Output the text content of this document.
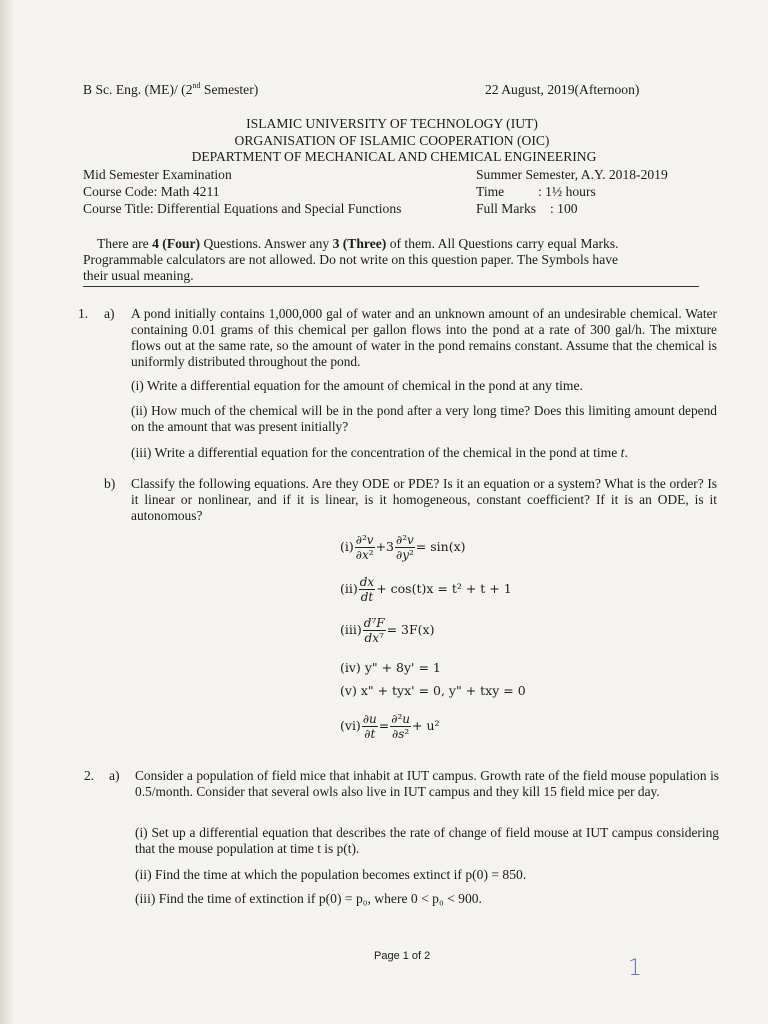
B Sc. Eng. (ME)/ (2nd Semester)	22 August, 2019(Afternoon)
ISLAMIC UNIVERSITY OF TECHNOLOGY (IUT)
ORGANISATION OF ISLAMIC COOPERATION (OIC)
DEPARTMENT OF MECHANICAL AND CHEMICAL ENGINEERING
Mid Semester Examination
Course Code: Math 4211
Course Title: Differential Equations and Special Functions
Summer Semester, A.Y. 2018-2019
Time : 1½ hours
Full Marks : 100
There are 4 (Four) Questions. Answer any 3 (Three) of them. All Questions carry equal Marks.
Programmable calculators are not allowed. Do not write on this question paper. The Symbols have
their usual meaning.
1. a) A pond initially contains 1,000,000 gal of water and an unknown amount of an undesirable chemical. Water containing 0.01 grams of this chemical per gallon flows into the pond at a rate of 300 gal/h. The mixture flows out at the same rate, so the amount of water in the pond remains constant. Assume that the chemical is uniformly distributed throughout the pond.
(i) Write a differential equation for the amount of chemical in the pond at any time.
(ii) How much of the chemical will be in the pond after a very long time? Does this limiting amount depend on the amount that was present initially?
(iii) Write a differential equation for the concentration of the chemical in the pond at time t.
b) Classify the following equations. Are they ODE or PDE? Is it an equation or a system? What is the order? Is it linear or nonlinear, and if it is linear, is it homogeneous, constant coefficient? If it is an ODE, is it autonomous?
$(i) \frac{\text{∂²v}}{\text{∂x²}} +3 \frac{\text{∂²v}}{\text{∂y²}} = \sin(x)$
$(ii) \frac{dx}{dt} + \cos(t)x = t^2 + t + 1$
$(iii) \frac{\text{d⁷F}}{\text{dx⁷}} = 3F(x)$
(iv) y" + 8y' = 1
(v) x" + tyx' = 0, y" + txy = 0
$(vi) \frac{\partial u}{\partial t} = \frac{\text{∂²u}}{\text{∂s²}} + u^2$
2. a) Consider a population of field mice that inhabit at IUT campus. Growth rate of the field mouse population is 0.5/month. Consider that several owls also live in IUT campus and they kill 15 field mice per day.
(i) Set up a differential equation that describes the rate of change of field mouse at IUT campus considering that the mouse population at time t is p(t).
(ii) Find the time at which the population becomes extinct if p(0) = 850.
(iii) Find the time of extinction if p(0) = p₀, where 0 < p₀ < 900.
Page 1 of 2	1
